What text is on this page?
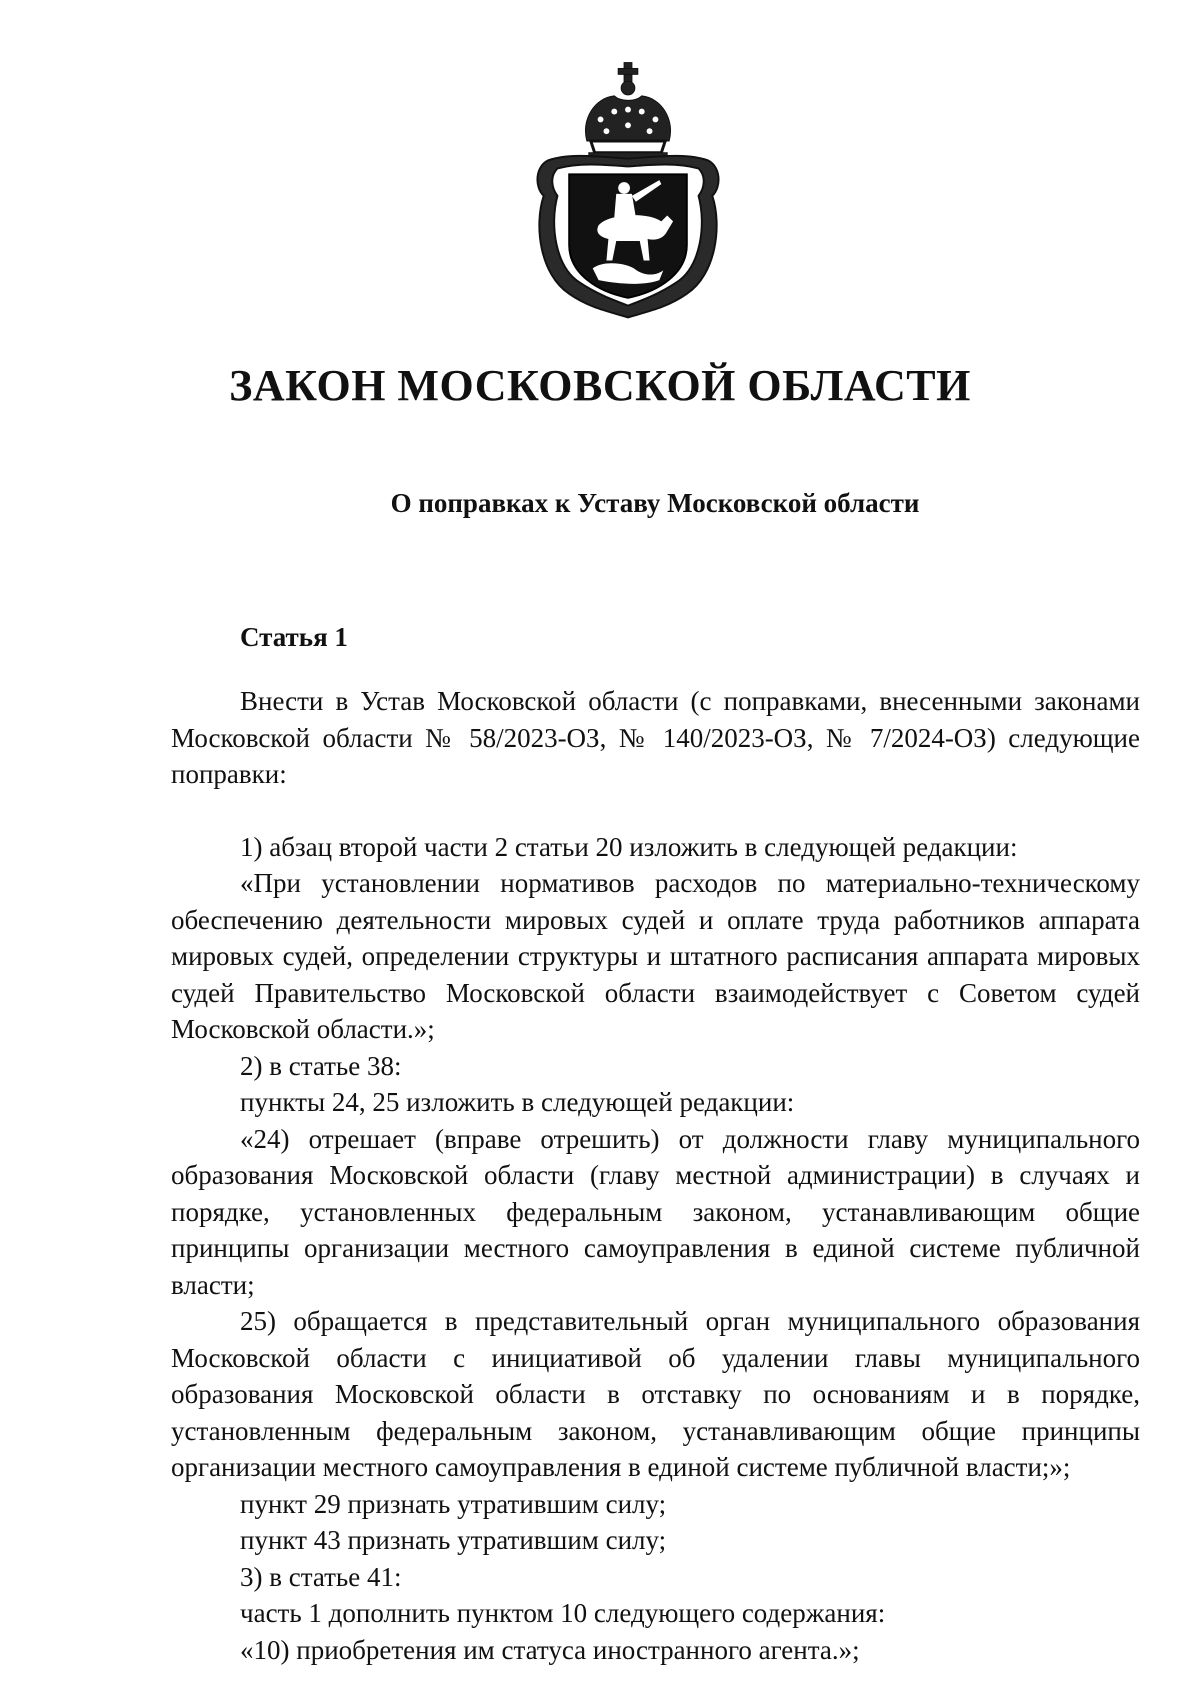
ЗАКОН МОСКОВСКОЙ ОБЛАСТИ
О поправках к Уставу Московской области
Статья 1

Внести в Устав Московской области (с поправками, внесенными законами Московской области № 58/2023-ОЗ, № 140/2023-ОЗ, № 7/2024-ОЗ) следующие поправки:

1) абзац второй части 2 статьи 20 изложить в следующей редакции:

«При установлении нормативов расходов по материально-техническому обеспечению деятельности мировых судей и оплате труда работников аппарата мировых судей, определении структуры и штатного расписания аппарата мировых судей Правительство Московской области взаимодействует с Советом судей Московской области.»;

2) в статье 38:

пункты 24, 25 изложить в следующей редакции:

«24) отрешает (вправе отрешить) от должности главу муниципального образования Московской области (главу местной администрации) в случаях и порядке, установленных федеральным законом, устанавливающим общие принципы организации местного самоуправления в единой системе публичной власти;

25) обращается в представительный орган муниципального образования Московской области с инициативой об удалении главы муниципального образования Московской области в отставку по основаниям и в порядке, установленным федеральным законом, устанавливающим общие принципы организации местного самоуправления в единой системе публичной власти;»;

пункт 29 признать утратившим силу;

пункт 43 признать утратившим силу;

3) в статье 41:

часть 1 дополнить пунктом 10 следующего содержания:

«10) приобретения им статуса иностранного агента.»;
